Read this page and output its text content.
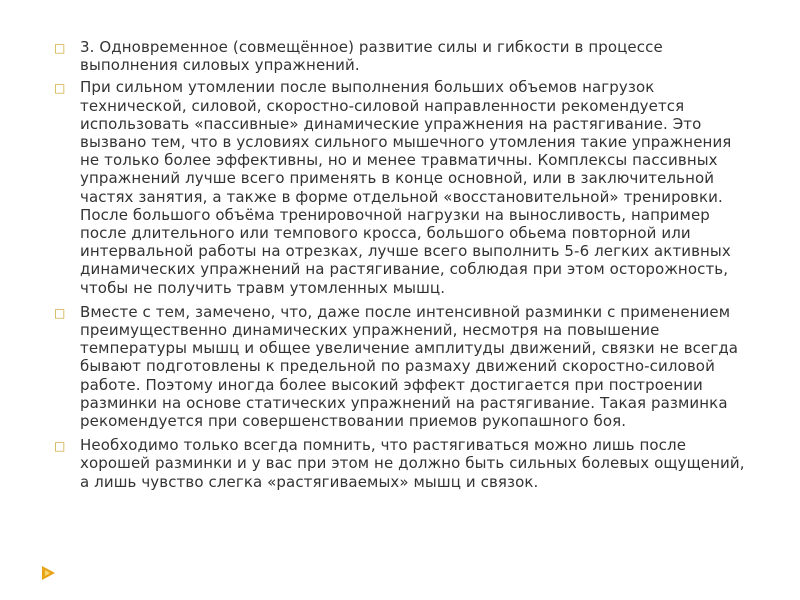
□ 3. Одновременное (совмещённое) развитие силы и гибкости в процессе выполнения силовых упражнений.
□ При сильном утомлении после выполнения больших объемов нагрузок технической, силовой, скоростно-силовой направленности рекомендуется использовать «пассивные» динамические упражнения на растягивание. Это вызвано тем, что в условиях сильного мышечного утомления такие упражнения не только более эффективны, но и менее травматичны. Комплексы пассивных упражнений лучше всего применять в конце основной, или в заключительной частях занятия, а также в форме отдельной «восстановительной» тренировки. После большого объёма тренировочной нагрузки на выносливость, например после длительного или темпового кросса, большого обьема повторной или интервальной работы на отрезках, лучше всего выполнить 5-6 легких активных динамических упражнений на растягивание, соблюдая при этом осторожность, чтобы не получить травм утомленных мышц.
□ Вместе с тем, замечено, что, даже после интенсивной разминки с применением преимущественно динамических упражнений, несмотря на повышение температуры мышц и общее увеличение амплитуды движений, связки не всегда бывают подготовлены к предельной по размаху движений скоростно-силовой работе. Поэтому иногда более высокий эффект достигается при построении разминки на основе статических упражнений на растягивание. Такая разминка рекомендуется при совершенствовании приемов рукопашного боя.
□ Необходимо только всегда помнить, что растягиваться можно лишь после хорошей разминки и у вас при этом не должно быть сильных болевых ощущений, а лишь чувство слегка «растягиваемых» мышц и связок.
